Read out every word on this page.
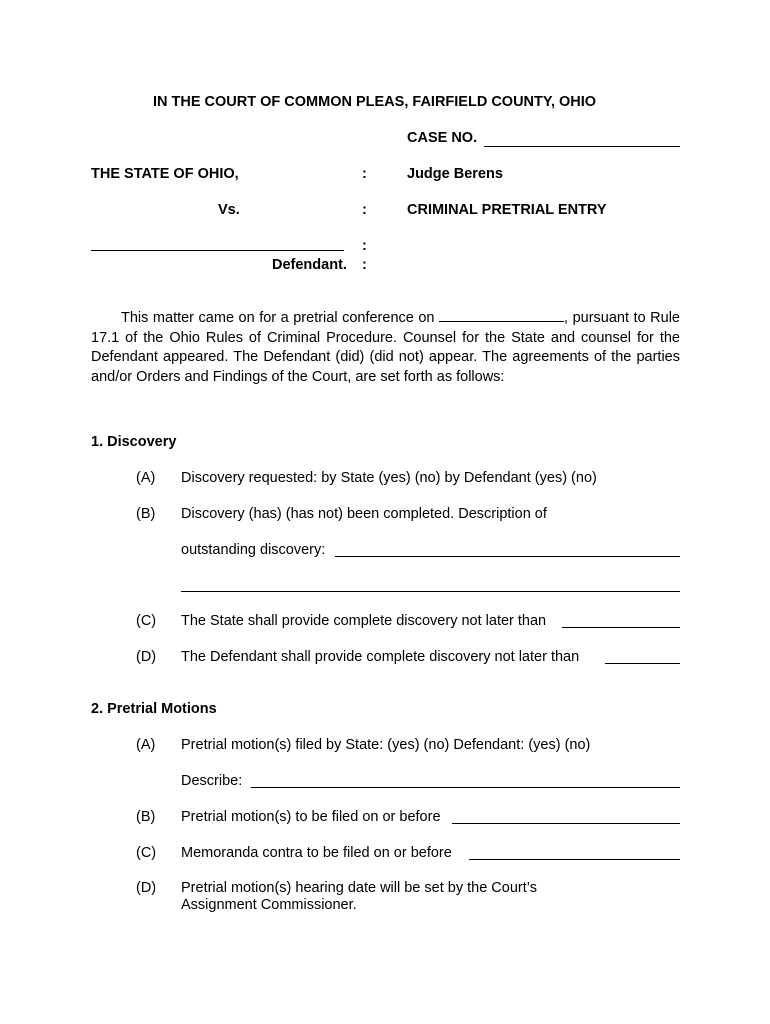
IN THE COURT OF COMMON PLEAS, FAIRFIELD COUNTY, OHIO
CASE NO.
THE STATE OF OHIO,	:	Judge Berens
Vs.	:	CRIMINAL PRETRIAL ENTRY
:
Defendant. :
This matter came on for a pretrial conference on	, pursuant to Rule 17.1 of the Ohio Rules of Criminal Procedure. Counsel for the State and counsel for the Defendant appeared. The Defendant (did) (did not) appear. The agreements of the parties and/or Orders and Findings of the Court, are set forth as follows:
1. Discovery
(A) Discovery requested: by State (yes) (no) by Defendant (yes) (no)
(B) Discovery (has) (has not) been completed. Description of
outstanding discovery:
(C) The State shall provide complete discovery not later than
(D) The Defendant shall provide complete discovery not later than
2. Pretrial Motions
(A) Pretrial motion(s) filed by State: (yes) (no) Defendant: (yes) (no)
Describe:
(B) Pretrial motion(s) to be filed on or before
(C) Memoranda contra to be filed on or before
(D) Pretrial motion(s) hearing date will be set by the Court’s Assignment Commissioner.
